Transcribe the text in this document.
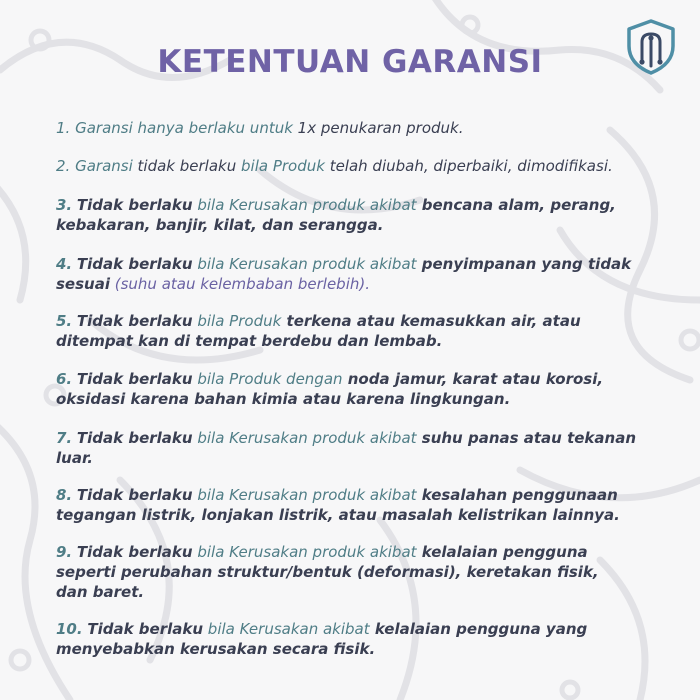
KETENTUAN GARANSI

1. Garansi hanya berlaku untuk 1x penukaran produk.

2. Garansi tidak berlaku bila Produk telah diubah, diperbaiki, dimodifikasi.

3. Tidak berlaku bila Kerusakan produk akibat bencana alam, perang, kebakaran, banjir, kilat, dan serangga.

4. Tidak berlaku bila Kerusakan produk akibat penyimpanan yang tidak sesuai (suhu atau kelembaban berlebih).

5. Tidak berlaku bila Produk terkena atau kemasukkan air, atau ditempat kan di tempat berdebu dan lembab.

6. Tidak berlaku bila Produk dengan noda jamur, karat atau korosi, oksidasi karena bahan kimia atau karena lingkungan.

7. Tidak berlaku bila Kerusakan produk akibat suhu panas atau tekanan luar.

8. Tidak berlaku bila Kerusakan produk akibat kesalahan penggunaan tegangan listrik, lonjakan listrik, atau masalah kelistrikan lainnya.

9. Tidak berlaku bila Kerusakan produk akibat kelalaian pengguna seperti perubahan struktur/bentuk (deformasi), keretakan fisik, dan baret.

10. Tidak berlaku bila Kerusakan akibat kelalaian pengguna yang menyebabkan kerusakan secara fisik.
